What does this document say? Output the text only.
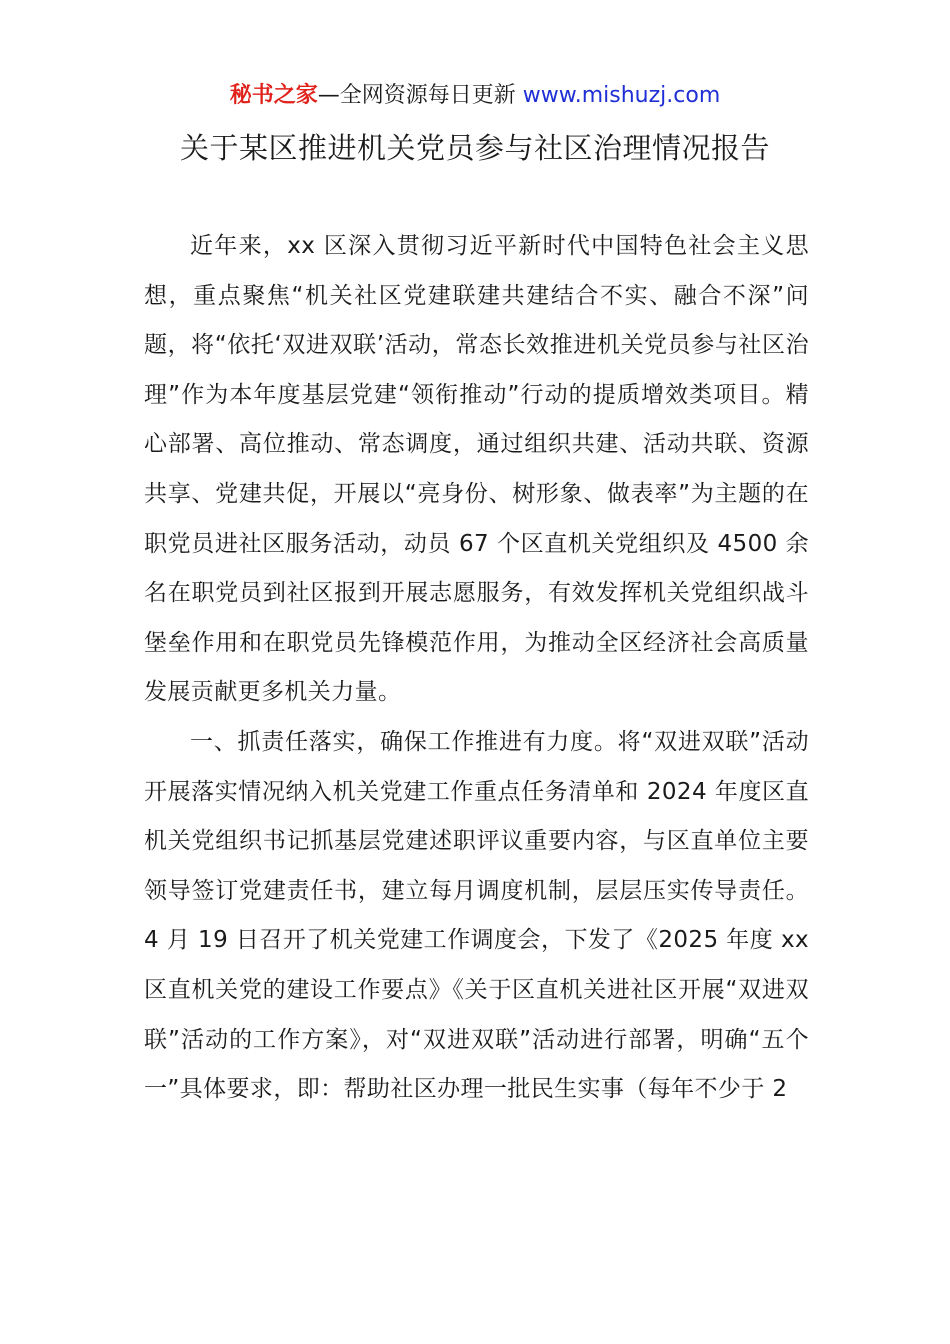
秘书之家—全网资源每日更新 www.mishuzj.com
关于某区推进机关党员参与社区治理情况报告

近年来，xx 区深入贯彻习近平新时代中国特色社会主义思想，重点聚焦“机关社区党建联建共建结合不实、融合不深”问题，将“依托‘双进双联’活动，常态长效推进机关党员参与社区治理”作为本年度基层党建“领衔推动”行动的提质增效类项目。精心部署、高位推动、常态调度，通过组织共建、活动共联、资源共享、党建共促，开展以“亮身份、树形象、做表率”为主题的在职党员进社区服务活动，动员 67 个区直机关党组织及 4500 余名在职党员到社区报到开展志愿服务，有效发挥机关党组织战斗堡垒作用和在职党员先锋模范作用，为推动全区经济社会高质量发展贡献更多机关力量。

一、抓责任落实，确保工作推进有力度。将“双进双联”活动开展落实情况纳入机关党建工作重点任务清单和 2024 年度区直机关党组织书记抓基层党建述职评议重要内容，与区直单位主要领导签订党建责任书，建立每月调度机制，层层压实传导责任。4 月 19 日召开了机关党建工作调度会，下发了《2025 年度 xx 区直机关党的建设工作要点》《关于区直机关进社区开展“双进双联”活动的工作方案》，对“双进双联”活动进行部署，明确“五个一”具体要求，即：帮助社区办理一批民生实事（每年不少于 2
